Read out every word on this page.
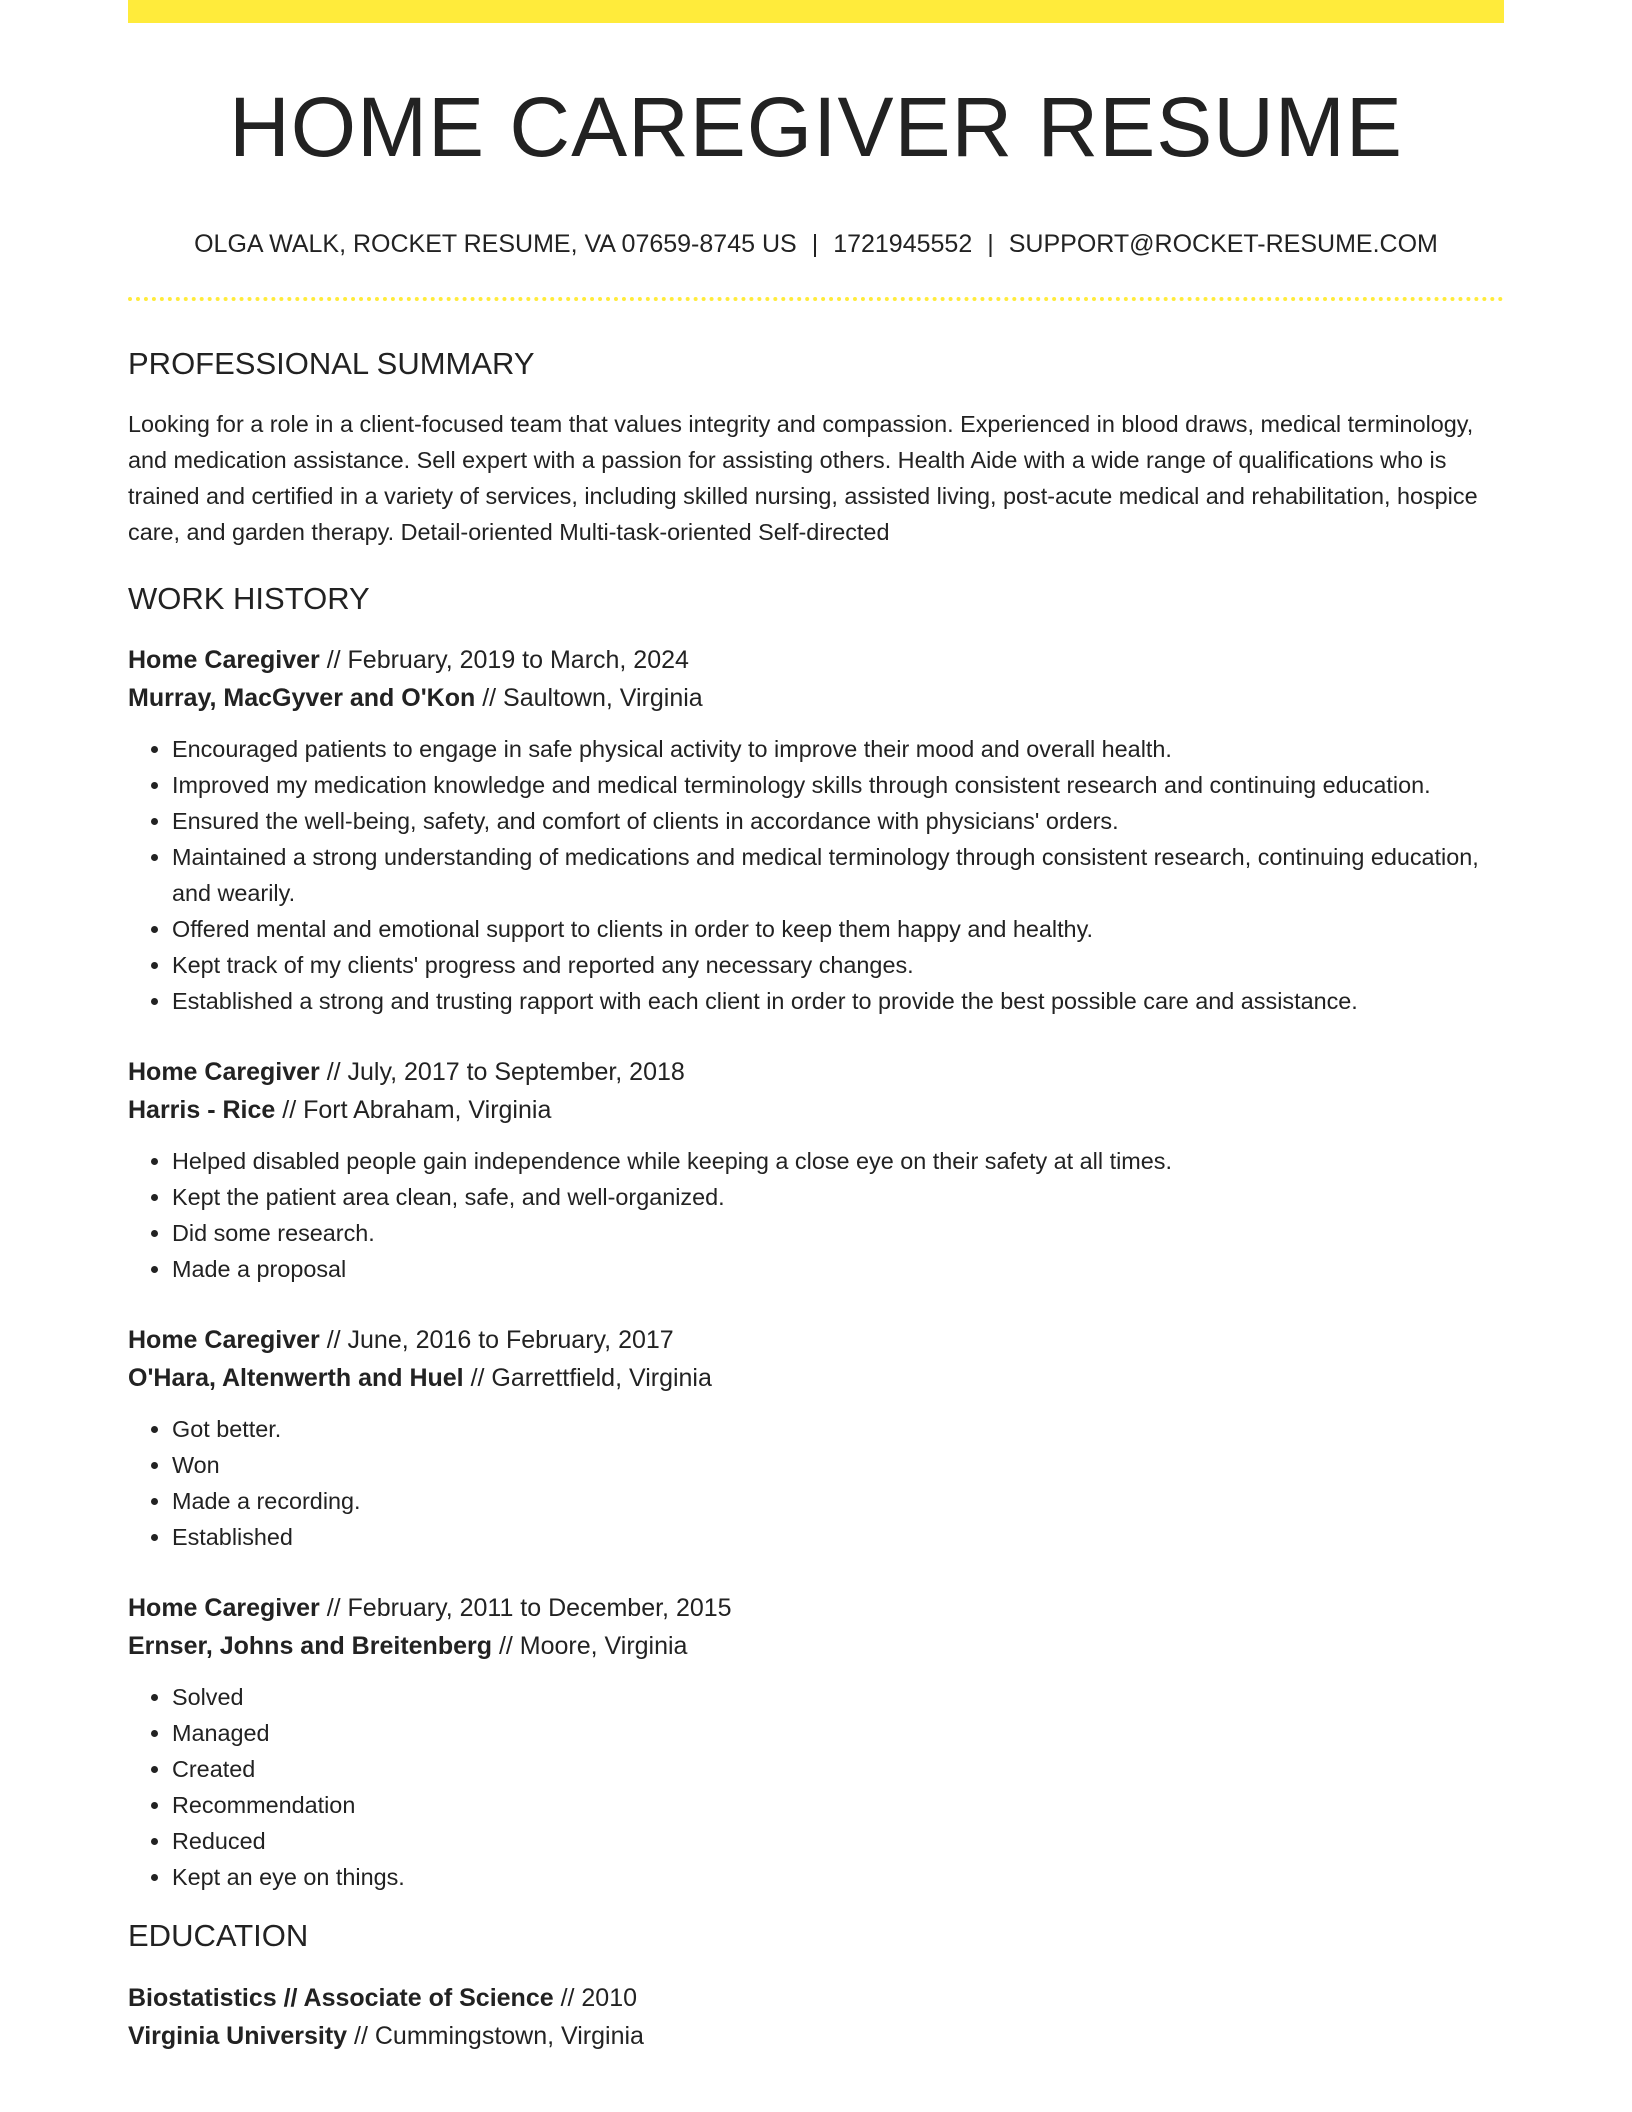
HOME CAREGIVER RESUME
OLGA WALK, ROCKET RESUME, VA 07659-8745 US | 1721945552 | SUPPORT@ROCKET-RESUME.COM
PROFESSIONAL SUMMARY
Looking for a role in a client-focused team that values integrity and compassion. Experienced in blood draws, medical terminology, and medication assistance. Sell expert with a passion for assisting others. Health Aide with a wide range of qualifications who is trained and certified in a variety of services, including skilled nursing, assisted living, post-acute medical and rehabilitation, hospice care, and garden therapy. Detail-oriented Multi-task-oriented Self-directed
WORK HISTORY
Home Caregiver // February, 2019 to March, 2024
Murray, MacGyver and O'Kon // Saultown, Virginia
• Encouraged patients to engage in safe physical activity to improve their mood and overall health.
• Improved my medication knowledge and medical terminology skills through consistent research and continuing education.
• Ensured the well-being, safety, and comfort of clients in accordance with physicians' orders.
• Maintained a strong understanding of medications and medical terminology through consistent research, continuing education, and wearily.
• Offered mental and emotional support to clients in order to keep them happy and healthy.
• Kept track of my clients' progress and reported any necessary changes.
• Established a strong and trusting rapport with each client in order to provide the best possible care and assistance.
Home Caregiver // July, 2017 to September, 2018
Harris - Rice // Fort Abraham, Virginia
• Helped disabled people gain independence while keeping a close eye on their safety at all times.
• Kept the patient area clean, safe, and well-organized.
• Did some research.
• Made a proposal
Home Caregiver // June, 2016 to February, 2017
O'Hara, Altenwerth and Huel // Garrettfield, Virginia
• Got better.
• Won
• Made a recording.
• Established
Home Caregiver // February, 2011 to December, 2015
Ernser, Johns and Breitenberg // Moore, Virginia
• Solved
• Managed
• Created
• Recommendation
• Reduced
• Kept an eye on things.
EDUCATION
Biostatistics // Associate of Science // 2010
Virginia University // Cummingstown, Virginia
